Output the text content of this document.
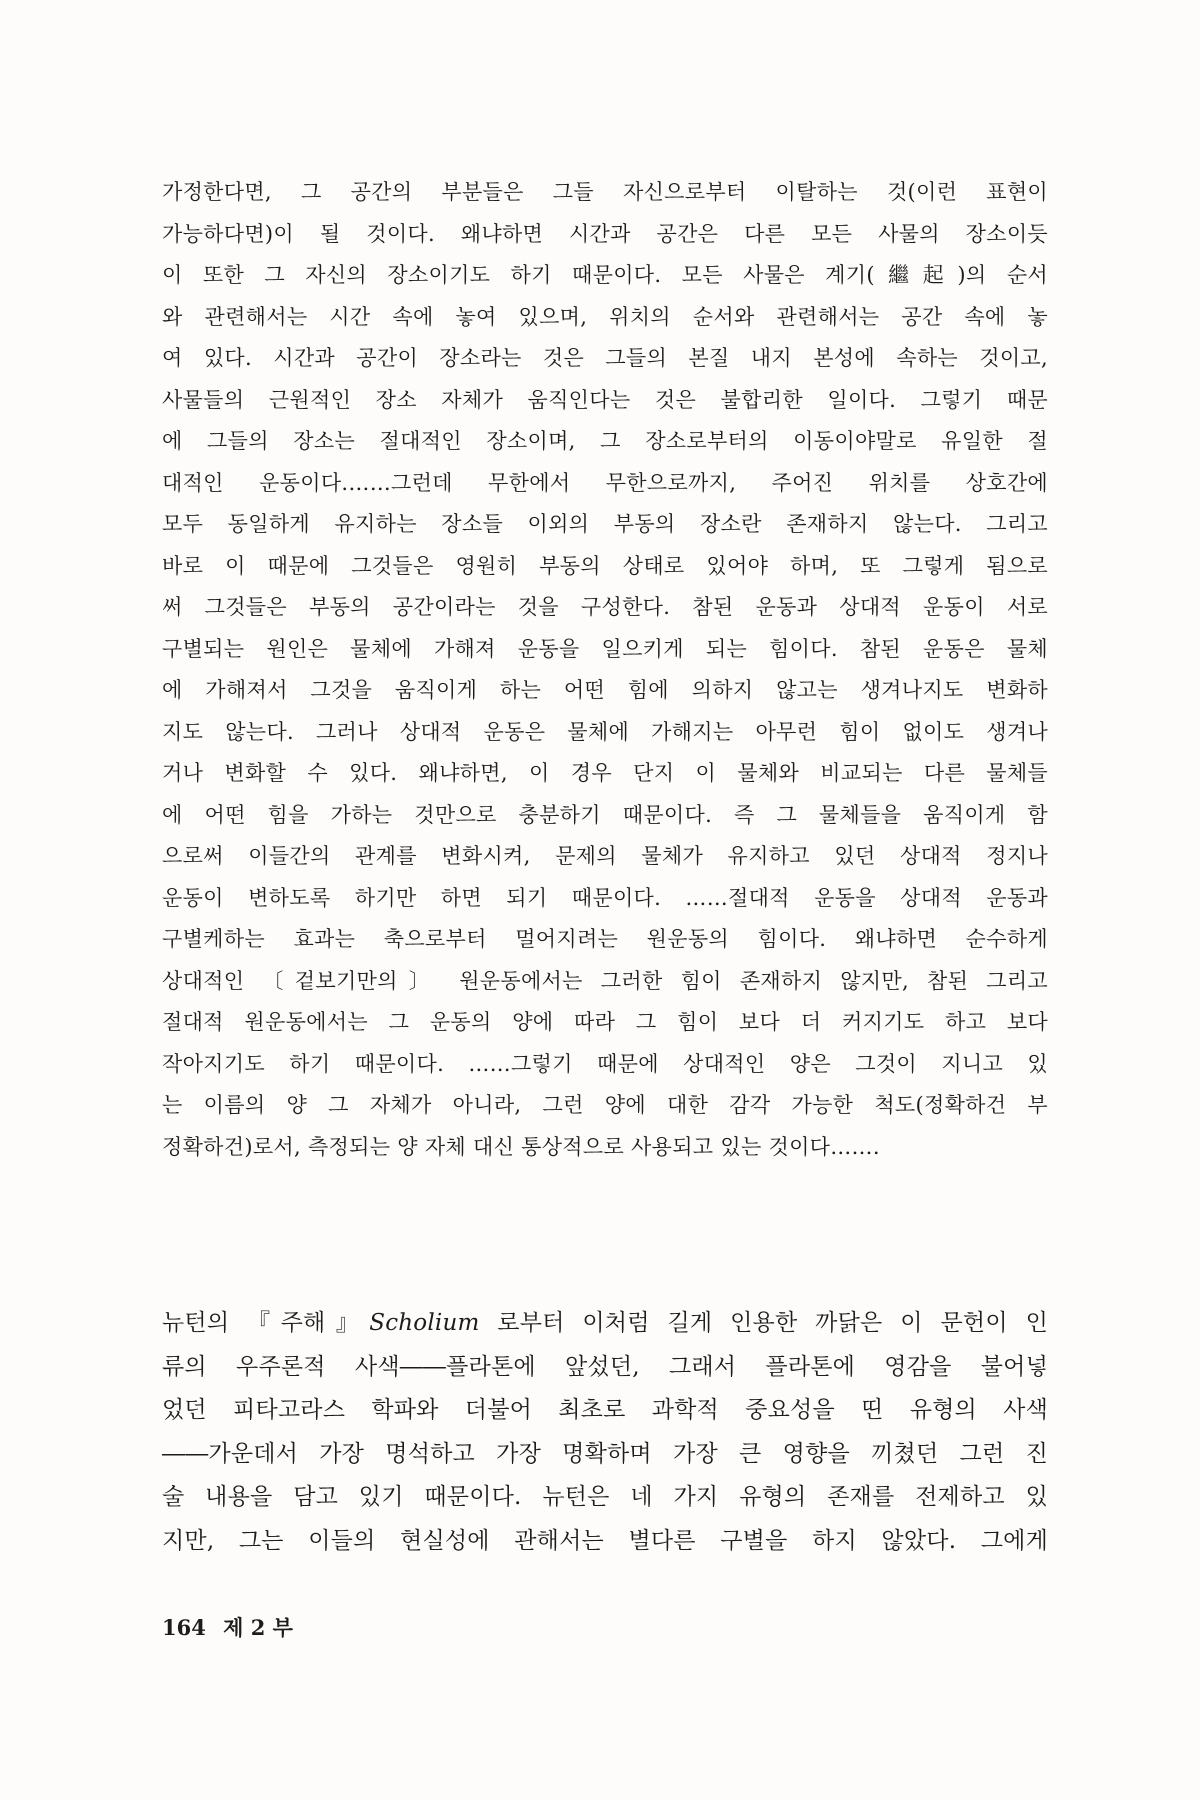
가정한다면, 그 공간의 부분들은 그들 자신으로부터 이탈하는 것(이런 표현이
가능하다면)이 될 것이다. 왜냐하면 시간과 공간은 다른 모든 사물의 장소이듯
이 또한 그 자신의 장소이기도 하기 때문이다. 모든 사물은 계기(繼起)의 순서
와 관련해서는 시간 속에 놓여 있으며, 위치의 순서와 관련해서는 공간 속에 놓
여 있다. 시간과 공간이 장소라는 것은 그들의 본질 내지 본성에 속하는 것이고,
사물들의 근원적인 장소 자체가 움직인다는 것은 불합리한 일이다. 그렇기 때문
에 그들의 장소는 절대적인 장소이며, 그 장소로부터의 이동이야말로 유일한 절
대적인 운동이다.……그런데 무한에서 무한으로까지, 주어진 위치를 상호간에
모두 동일하게 유지하는 장소들 이외의 부동의 장소란 존재하지 않는다. 그리고
바로 이 때문에 그것들은 영원히 부동의 상태로 있어야 하며, 또 그렇게 됨으로
써 그것들은 부동의 공간이라는 것을 구성한다. 참된 운동과 상대적 운동이 서로
구별되는 원인은 물체에 가해져 운동을 일으키게 되는 힘이다. 참된 운동은 물체
에 가해져서 그것을 움직이게 하는 어떤 힘에 의하지 않고는 생겨나지도 변화하
지도 않는다. 그러나 상대적 운동은 물체에 가해지는 아무런 힘이 없이도 생겨나
거나 변화할 수 있다. 왜냐하면, 이 경우 단지 이 물체와 비교되는 다른 물체들
에 어떤 힘을 가하는 것만으로 충분하기 때문이다. 즉 그 물체들을 움직이게 함
으로써 이들간의 관계를 변화시켜, 문제의 물체가 유지하고 있던 상대적 정지나
운동이 변하도록 하기만 하면 되기 때문이다. ……절대적 운동을 상대적 운동과
구별케하는 효과는 축으로부터 멀어지려는 원운동의 힘이다. 왜냐하면 순수하게
상대적인 〔겉보기만의〕 원운동에서는 그러한 힘이 존재하지 않지만, 참된 그리고
절대적 원운동에서는 그 운동의 양에 따라 그 힘이 보다 더 커지기도 하고 보다
작아지기도 하기 때문이다. ……그렇기 때문에 상대적인 양은 그것이 지니고 있
는 이름의 양 그 자체가 아니라, 그런 양에 대한 감각 가능한 척도(정확하건 부
정확하건)로서, 측정되는 양 자체 대신 통상적으로 사용되고 있는 것이다…….
뉴턴의 『주해』Scholium 로부터 이처럼 길게 인용한 까닭은 이 문헌이 인
류의 우주론적 사색――플라톤에 앞섰던, 그래서 플라톤에 영감을 불어넣
었던 피타고라스 학파와 더불어 최초로 과학적 중요성을 띤 유형의 사색
――가운데서 가장 명석하고 가장 명확하며 가장 큰 영향을 끼쳤던 그런 진
술 내용을 담고 있기 때문이다. 뉴턴은 네 가지 유형의 존재를 전제하고 있
지만, 그는 이들의 현실성에 관해서는 별다른 구별을 하지 않았다. 그에게
164 제 2 부
